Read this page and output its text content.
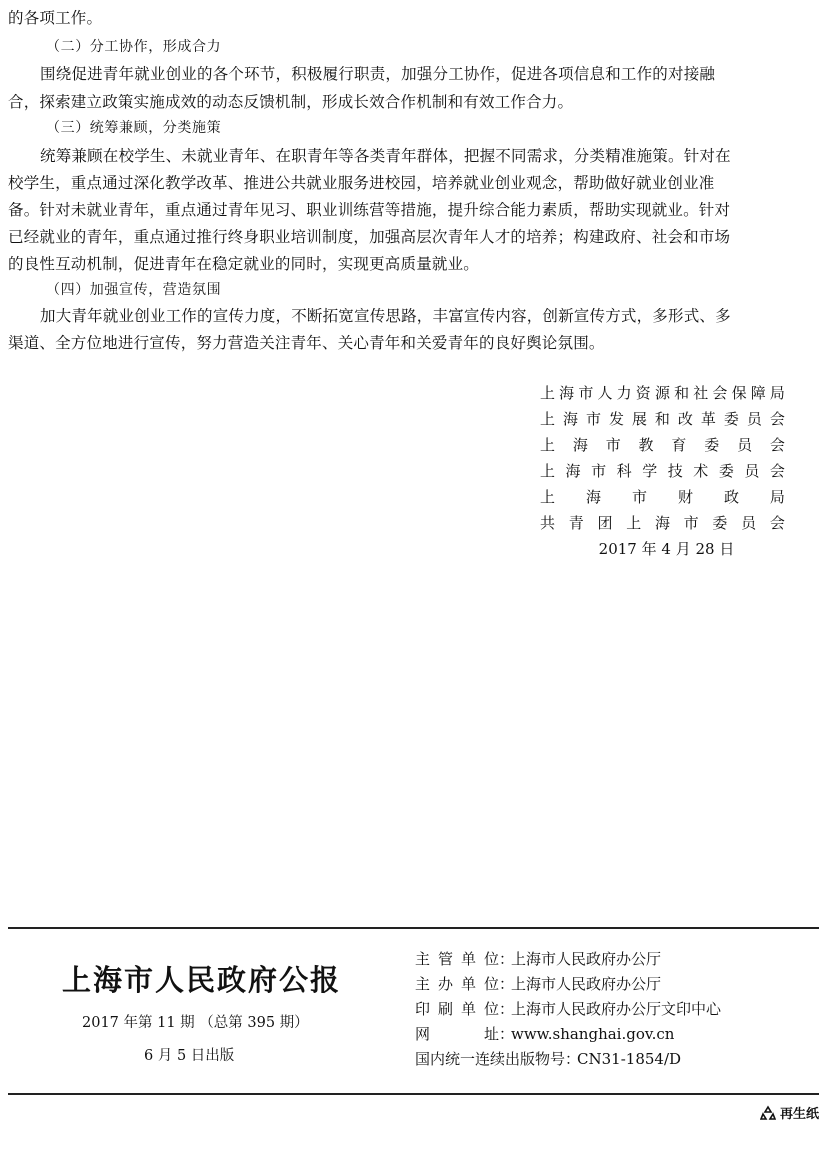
的各项工作。
（二）分工协作，形成合力
围绕促进青年就业创业的各个环节，积极履行职责，加强分工协作，促进各项信息和工作的对接融
合，探索建立政策实施成效的动态反馈机制，形成长效合作机制和有效工作合力。
（三）统筹兼顾，分类施策
统筹兼顾在校学生、未就业青年、在职青年等各类青年群体，把握不同需求，分类精准施策。针对在
校学生，重点通过深化教学改革、推进公共就业服务进校园，培养就业创业观念，帮助做好就业创业准
备。针对未就业青年，重点通过青年见习、职业训练营等措施，提升综合能力素质，帮助实现就业。针对
已经就业的青年，重点通过推行终身职业培训制度，加强高层次青年人才的培养；构建政府、社会和市场
的良性互动机制，促进青年在稳定就业的同时，实现更高质量就业。
（四）加强宣传，营造氛围
加大青年就业创业工作的宣传力度，不断拓宽宣传思路，丰富宣传内容，创新宣传方式，多形式、多
渠道、全方位地进行宣传，努力营造关注青年、关心青年和关爱青年的良好舆论氛围。
上 海 市 人 力 资 源 和 社 会 保 障 局
上 海 市 发 展 和 改 革 委 员 会
上 海 市 教 育 委 员 会
上 海 市 科 学 技 术 委 员 会
上 海 市 财 政 局
共 青 团 上 海 市 委 员 会
2017 年 4 月 28 日
上海市人民政府公报
2017 年第 11 期 （总第 395 期）
6 月 5 日出版
主 管 单 位 ：
上海市人民政府办公厅
主 办 单 位 ：
上海市人民政府办公厅
印 刷 单 位 ：
上海市人民政府办公厅文印中心
网	址 ：
www.shanghai.gov.cn
国内统一连续出版物号 ：
CN31-1854/D
再生纸
